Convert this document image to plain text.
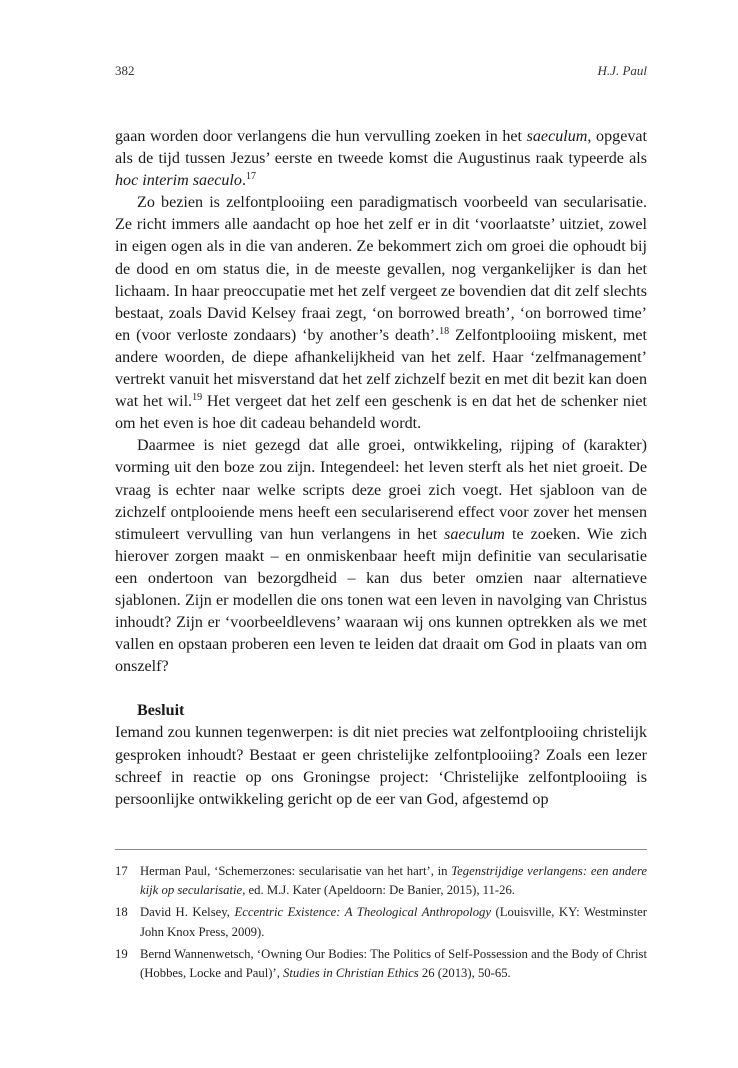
382	H.J. Paul

gaan worden door verlangens die hun vervulling zoeken in het saeculum, opgevat als de tijd tussen Jezus’ eerste en tweede komst die Augustinus raak typeerde als hoc interim saeculo.$^{17}$

Zo bezien is zelfontplooiing een paradigmatisch voorbeeld van secularisatie. Ze richt immers alle aandacht op hoe het zelf er in dit ‘voorlaatste’ uitziet, zowel in eigen ogen als in die van anderen. Ze bekommert zich om groei die ophoudt bij de dood en om status die, in de meeste gevallen, nog vergankelijker is dan het lichaam. In haar preoccupatie met het zelf vergeet ze bovendien dat dit zelf slechts bestaat, zoals David Kelsey fraai zegt, ‘on borrowed breath’, ‘on borrowed time’ en (voor verloste zondaars) ‘by another’s death’.$^{18}$ Zelfontplooiing miskent, met andere woorden, de diepe afhankelijkheid van het zelf. Haar ‘zelfmanagement’ vertrekt vanuit het misverstand dat het zelf zichzelf bezit en met dit bezit kan doen wat het wil.$^{19}$ Het vergeet dat het zelf een geschenk is en dat het de schenker niet om het even is hoe dit cadeau behandeld wordt.

Daarmee is niet gezegd dat alle groei, ontwikkeling, rijping of (karakter) vorming uit den boze zou zijn. Integendeel: het leven sterft als het niet groeit. De vraag is echter naar welke scripts deze groei zich voegt. Het sjabloon van de zichzelf ontplooiende mens heeft een seculariserend effect voor zover het mensen stimuleert vervulling van hun verlangens in het saeculum te zoeken. Wie zich hierover zorgen maakt – en onmiskenbaar heeft mijn definitie van secularisatie een ondertoon van bezorgdheid – kan dus beter omzien naar alternatieve sjablonen. Zijn er modellen die ons tonen wat een leven in navolging van Christus inhoudt? Zijn er ‘voorbeeldlevens’ waaraan wij ons kunnen optrekken als we met vallen en opstaan proberen een leven te leiden dat draait om God in plaats van om onszelf?

Besluit

Iemand zou kunnen tegenwerpen: is dit niet precies wat zelfontplooiing christelijk gesproken inhoudt? Bestaat er geen christelijke zelfontplooiing? Zoals een lezer schreef in reactie op ons Groningse project: ‘Christelijke zelfontplooiing is persoonlijke ontwikkeling gericht op de eer van God, afgestemd op

17 Herman Paul, ‘Schemerzones: secularisatie van het hart’, in Tegenstrijdige verlangens: een andere kijk op secularisatie, ed. M.J. Kater (Apeldoorn: De Banier, 2015), 11-26.
18 David H. Kelsey, Eccentric Existence: A Theological Anthropology (Louisville, KY: Westminster John Knox Press, 2009).
19 Bernd Wannenwetsch, ‘Owning Our Bodies: The Politics of Self-Possession and the Body of Christ (Hobbes, Locke and Paul)’, Studies in Christian Ethics 26 (2013), 50-65.
